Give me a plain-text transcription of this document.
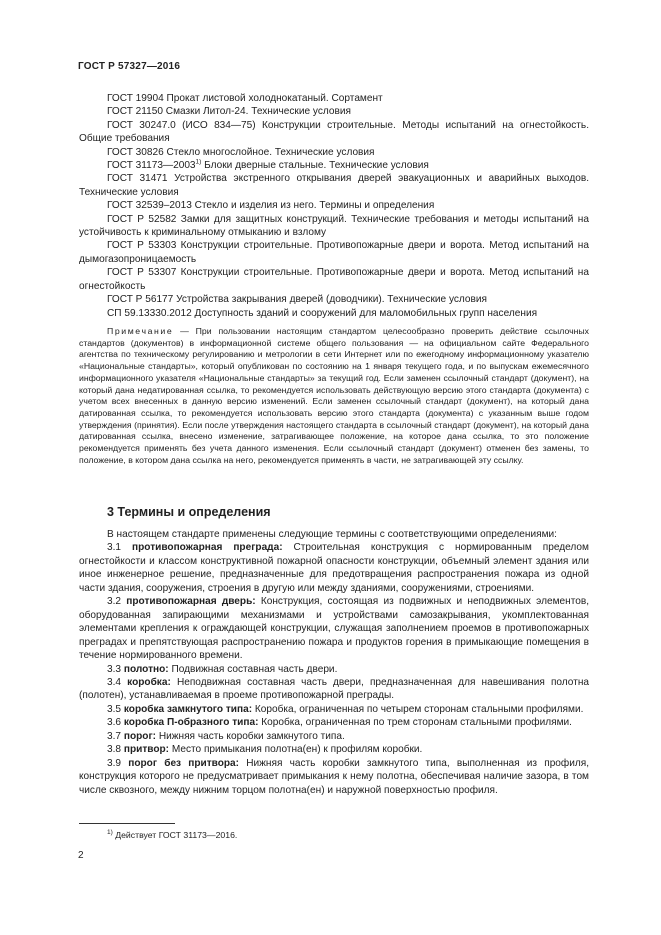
ГОСТ Р 57327—2016

ГОСТ 19904 Прокат листовой холоднокатаный. Сортамент

ГОСТ 21150 Смазки Литол-24. Технические условия

ГОСТ 30247.0 (ИСО 834—75) Конструкции строительные. Методы испытаний на огнестойкость. Общие требования

ГОСТ 30826 Стекло многослойное. Технические условия

ГОСТ 31173—2003$^{1)}$ Блоки дверные стальные. Технические условия

ГОСТ 31471 Устройства экстренного открывания дверей эвакуационных и аварийных выходов. Технические условия

ГОСТ 32539–2013 Стекло и изделия из него. Термины и определения

ГОСТ Р 52582 Замки для защитных конструкций. Технические требования и методы испытаний на устойчивость к криминальному отмыканию и взлому

ГОСТ Р 53303 Конструкции строительные. Противопожарные двери и ворота. Метод испытаний на дымогазопроницаемость

ГОСТ Р 53307 Конструкции строительные. Противопожарные двери и ворота. Метод испытаний на огнестойкость

ГОСТ Р 56177 Устройства закрывания дверей (доводчики). Технические условия

СП 59.13330.2012 Доступность зданий и сооружений для маломобильных групп населения

Примечание — При пользовании настоящим стандартом целесообразно проверить действие ссылочных стандартов (документов) в информационной системе общего пользования — на официальном сайте Федерального агентства по техническому регулированию и метрологии в сети Интернет или по ежегодному информационному указателю «Национальные стандарты», который опубликован по состоянию на 1 января текущего года, и по выпускам ежемесячного информационного указателя «Национальные стандарты» за текущий год. Если заменен ссылочный стандарт (документ), на который дана недатированная ссылка, то рекомендуется использовать действующую версию этого стандарта (документа) с учетом всех внесенных в данную версию изменений. Если заменен ссылочный стандарт (документ), на который дана датированная ссылка, то рекомендуется использовать версию этого стандарта (документа) с указанным выше годом утверждения (принятия). Если после утверждения настоящего стандарта в ссылочный стандарт (документ), на который дана датированная ссылка, внесено изменение, затрагивающее положение, на которое дана ссылка, то это положение рекомендуется применять без учета данного изменения. Если ссылочный стандарт (документ) отменен без замены, то положение, в котором дана ссылка на него, рекомендуется применять в части, не затрагивающей эту ссылку.

3 Термины и определения

В настоящем стандарте применены следующие термины с соответствующими определениями:

3.1 противопожарная преграда: Строительная конструкция с нормированным пределом огнестойкости и классом конструктивной пожарной опасности конструкции, объемный элемент здания или иное инженерное решение, предназначенные для предотвращения распространения пожара из одной части здания, сооружения, строения в другую или между зданиями, сооружениями, строениями.

3.2 противопожарная дверь: Конструкция, состоящая из подвижных и неподвижных элементов, оборудованная запирающими механизмами и устройствами самозакрывания, укомплектованная элементами крепления к ограждающей конструкции, служащая заполнением проемов в противопожарных преградах и препятствующая распространению пожара и продуктов горения в примыкающие помещения в течение нормированного времени.

3.3 полотно: Подвижная составная часть двери.

3.4 коробка: Неподвижная составная часть двери, предназначенная для навешивания полотна (полотен), устанавливаемая в проеме противопожарной преграды.

3.5 коробка замкнутого типа: Коробка, ограниченная по четырем сторонам стальными профилями.

3.6 коробка П-образного типа: Коробка, ограниченная по трем сторонам стальными профилями.

3.7 порог: Нижняя часть коробки замкнутого типа.

3.8 притвор: Место примыкания полотна(ен) к профилям коробки.

3.9 порог без притвора: Нижняя часть коробки замкнутого типа, выполненная из профиля, конструкция которого не предусматривает примыкания к нему полотна, обеспечивая наличие зазора, в том числе сквозного, между нижним торцом полотна(ен) и наружной поверхностью профиля.

$^{1)}$ Действует ГОСТ 31173—2016.
2
